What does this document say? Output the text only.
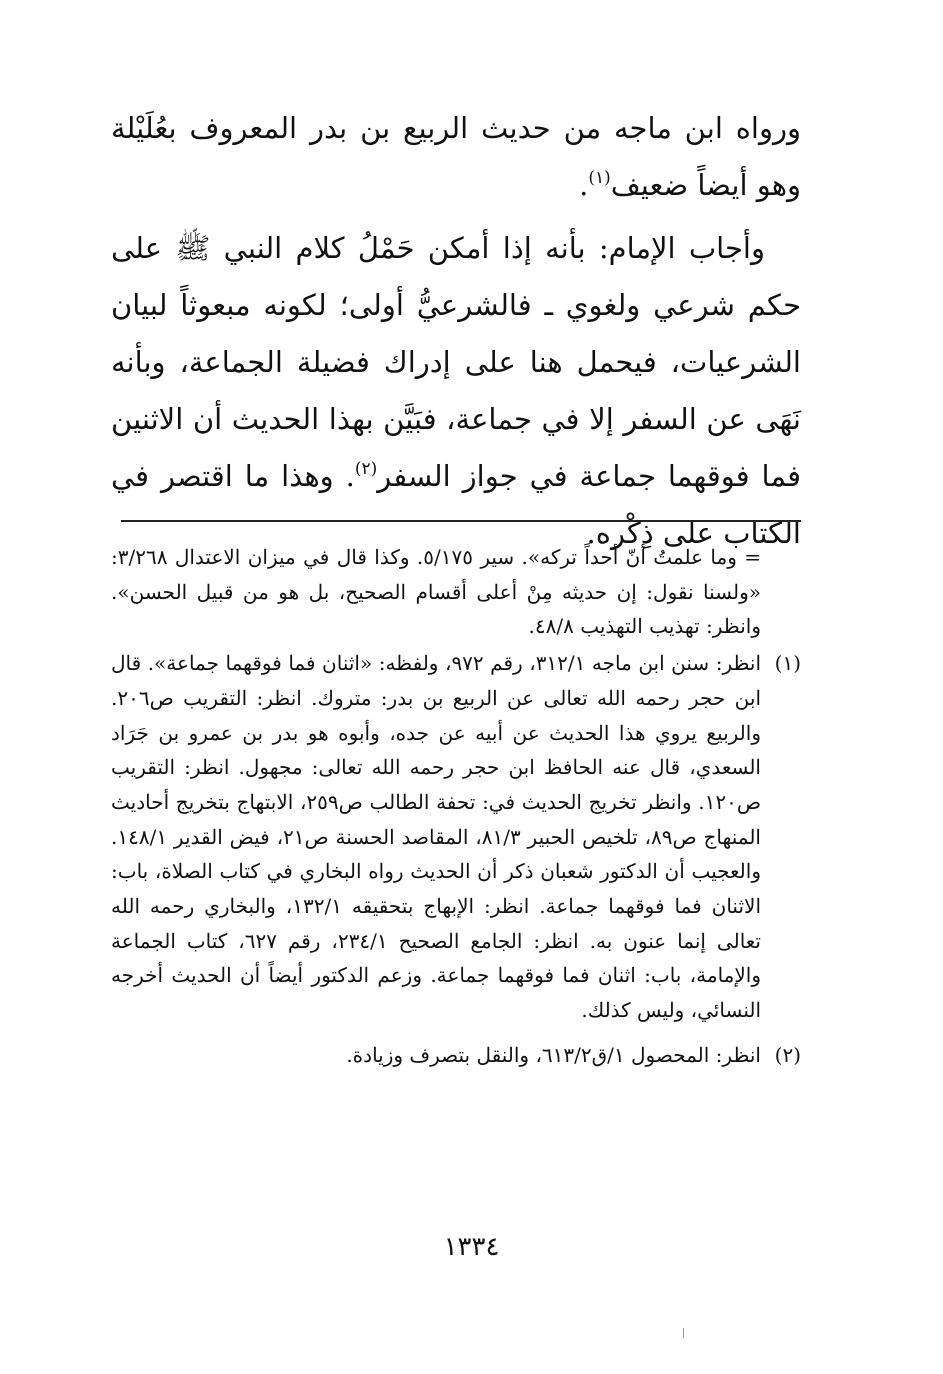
ورواه ابن ماجه من حديث الربيع بن بدر المعروف بعُلَيْلة وهو أيضاً ضعيف$^{(١)}$.

وأجاب الإمام: بأنه إذا أمكن حَمْلُ كلام النبي ﷺ على حكم شرعي ولغوي ـ فالشرعيُّ أولى؛ لكونه مبعوثاً لبيان الشرعيات، فيحمل هنا على إدراك فضيلة الجماعة، وبأنه نَهَى عن السفر إلا في جماعة، فبَيَّن بهذا الحديث أن الاثنين فما فوقهما جماعة في جواز السفر$^{(٢)}$. وهذا ما اقتصر في الكتاب على ذِكْره.

= وما علمتُ أنّ أحداً تركه». سير ٥/١٧٥. وكذا قال في ميزان الاعتدال ٣/٢٦٨: «ولسنا نقول: إن حديثه مِنْ أعلى أقسام الصحيح، بل هو من قبيل الحسن». وانظر: تهذيب التهذيب ٤٨/٨.

(١)

انظر: سنن ابن ماجه ٣١٢/١، رقم ٩٧٢، ولفظه: «اثنان فما فوقهما جماعة». قال ابن حجر رحمه الله تعالى عن الربيع بن بدر: متروك. انظر: التقريب ص٢٠٦. والربيع يروي هذا الحديث عن أبيه عن جده، وأبوه هو بدر بن عمرو بن جَرَاد السعدي، قال عنه الحافظ ابن حجر رحمه الله تعالى: مجهول. انظر: التقريب ص١٢٠. وانظر تخريج الحديث في: تحفة الطالب ص٢٥٩، الابتهاج بتخريج أحاديث المنهاج ص٨٩، تلخيص الحبير ٨١/٣، المقاصد الحسنة ص٢١، فيض القدير ١٤٨/١. والعجيب أن الدكتور شعبان ذكر أن الحديث رواه البخاري في كتاب الصلاة، باب: الاثنان فما فوقهما جماعة. انظر: الإبهاج بتحقيقه ١٣٢/١، والبخاري رحمه الله تعالى إنما عنون به. انظر: الجامع الصحيح ٢٣٤/١، رقم ٦٢٧، كتاب الجماعة والإمامة، باب: اثنان فما فوقهما جماعة. وزعم الدكتور أيضاً أن الحديث أخرجه النسائي، وليس كذلك.

(٢)

انظر: المحصول ١/ق٦١٣/٢، والنقل بتصرف وزيادة.

١٣٣٤
